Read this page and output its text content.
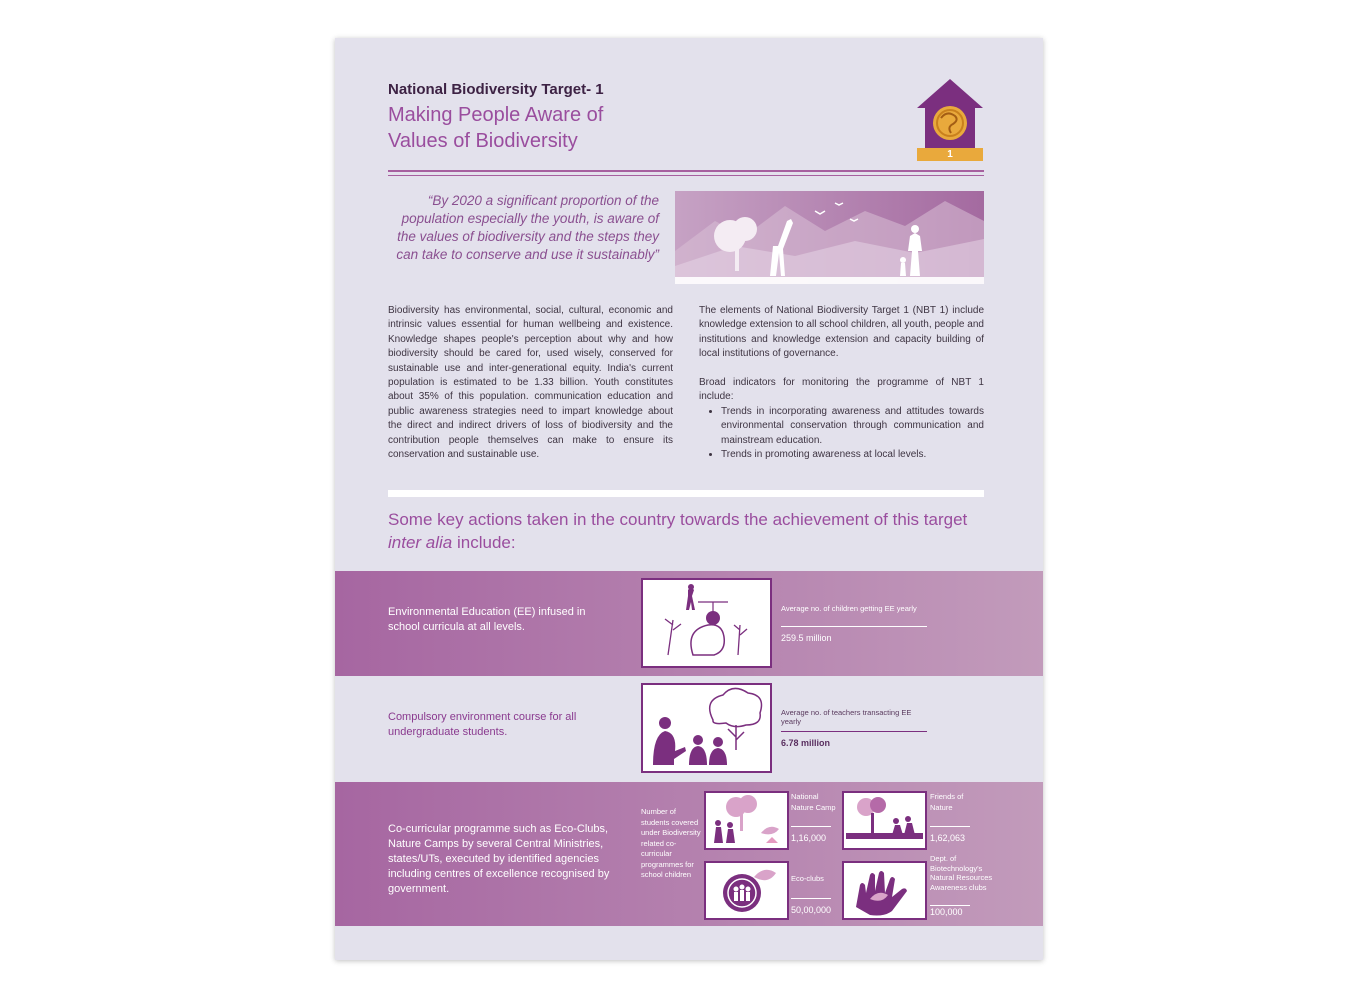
National Biodiversity Target- 1
Making People Aware of
Values of Biodiversity
1
“By 2020 a significant proportion of the population especially the youth, is aware of the values of biodiversity and the steps they can take to conserve and use it sustainably”

Biodiversity has environmental, social, cultural, economic and intrinsic values essential for human wellbeing and existence. Knowledge shapes people's perception about why and how biodiversity should be cared for, used wisely, conserved for sustainable use and inter-generational equity. India's current population is estimated to be 1.33 billion. Youth constitutes about 35% of this population. communication education and public awareness strategies need to impart knowledge about the direct and indirect drivers of loss of biodiversity and the contribution people themselves can make to ensure its conservation and sustainable use.

The elements of National Biodiversity Target 1 (NBT 1) include knowledge extension to all school children, all youth, people and institutions and knowledge extension and capacity building of local institutions of governance.

Broad indicators for monitoring the programme of NBT 1 include:

• Trends in incorporating awareness and attitudes towards environmental conservation through communication and mainstream education.
• Trends in promoting awareness at local levels.
Some key actions taken in the country towards the achievement of this target inter alia include:
Environmental Education (EE) infused in school curricula at all levels.
Average no. of children getting EE yearly
259.5 million
Compulsory environment course for all undergraduate students.
Average no. of teachers transacting EE yearly
6.78 million
Co-curricular programme such as Eco-Clubs, Nature Camps by several Central Ministries, states/UTs, executed by identified agencies including centres of excellence recognised by government.
Number of students covered under Biodiversity related co-curricular programmes for school children
National Nature Camp
1,16,000
Friends of Nature
1,62,063
Eco-clubs
50,00,000
Dept. of Biotechnology's Natural Resources Awareness clubs
100,000
